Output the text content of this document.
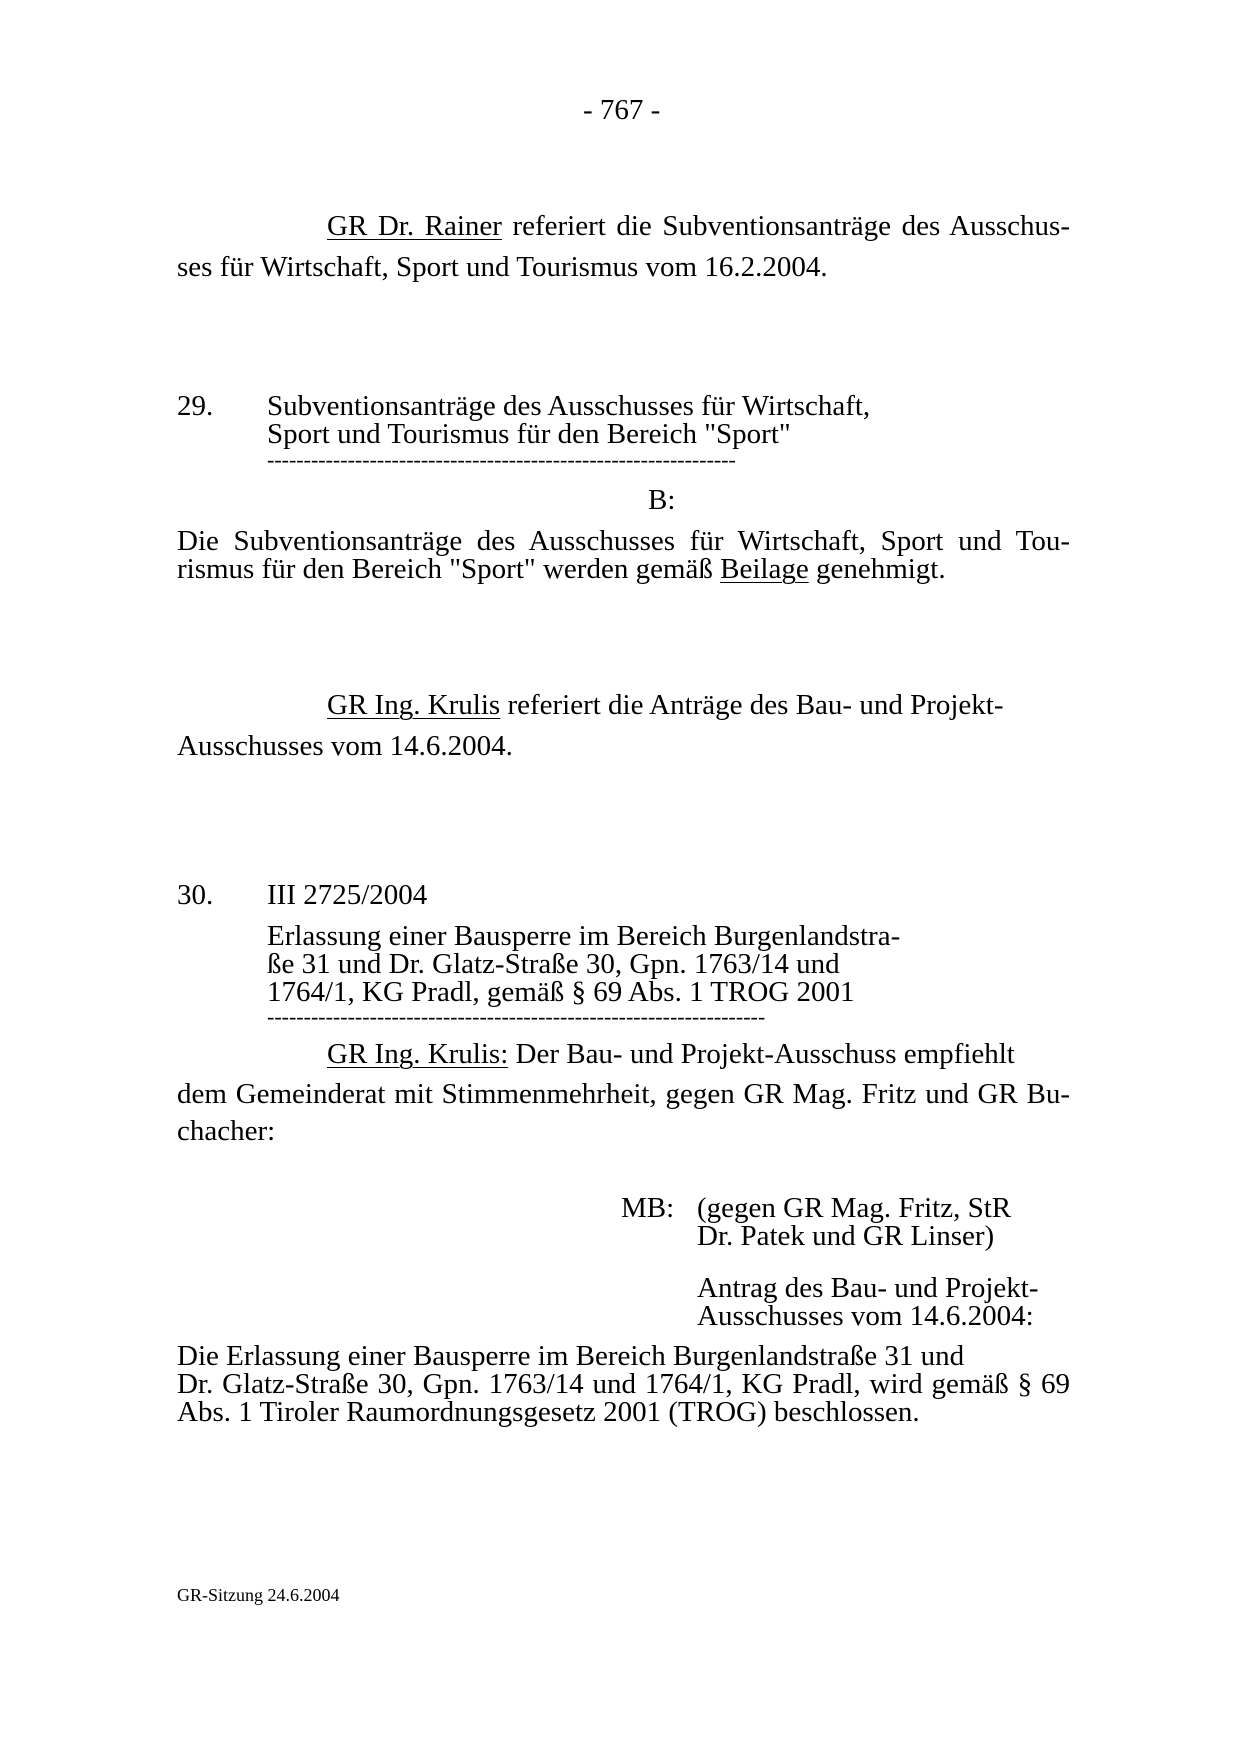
- 767 -
GR Dr. Rainer referiert die Subventionsanträge des Ausschus-
ses für Wirtschaft, Sport und Tourismus vom 16.2.2004.
29. Subventionsanträge des Ausschusses für Wirtschaft,
Sport und Tourismus für den Bereich "Sport"
----------------------------------------------------------------
B:
Die Subventionsanträge des Ausschusses für Wirtschaft, Sport und Tou-
rismus für den Bereich "Sport" werden gemäß Beilage genehmigt.
GR Ing. Krulis referiert die Anträge des Bau- und Projekt-
Ausschusses vom 14.6.2004.
30. III 2725/2004
Erlassung einer Bausperre im Bereich Burgenlandstra-
ße 31 und Dr. Glatz-Straße 30, Gpn. 1763/14 und
1764/1, KG Pradl, gemäß § 69 Abs. 1 TROG 2001
--------------------------------------------------------------------
GR Ing. Krulis: Der Bau- und Projekt-Ausschuss empfiehlt
dem Gemeinderat mit Stimmenmehrheit, gegen GR Mag. Fritz und GR Bu-
chacher:
MB: (gegen GR Mag. Fritz, StR
Dr. Patek und GR Linser)
Antrag des Bau- und Projekt-
Ausschusses vom 14.6.2004:
Die Erlassung einer Bausperre im Bereich Burgenlandstraße 31 und
Dr. Glatz-Straße 30, Gpn. 1763/14 und 1764/1, KG Pradl, wird gemäß § 69
Abs. 1 Tiroler Raumordnungsgesetz 2001 (TROG) beschlossen.
GR-Sitzung 24.6.2004
